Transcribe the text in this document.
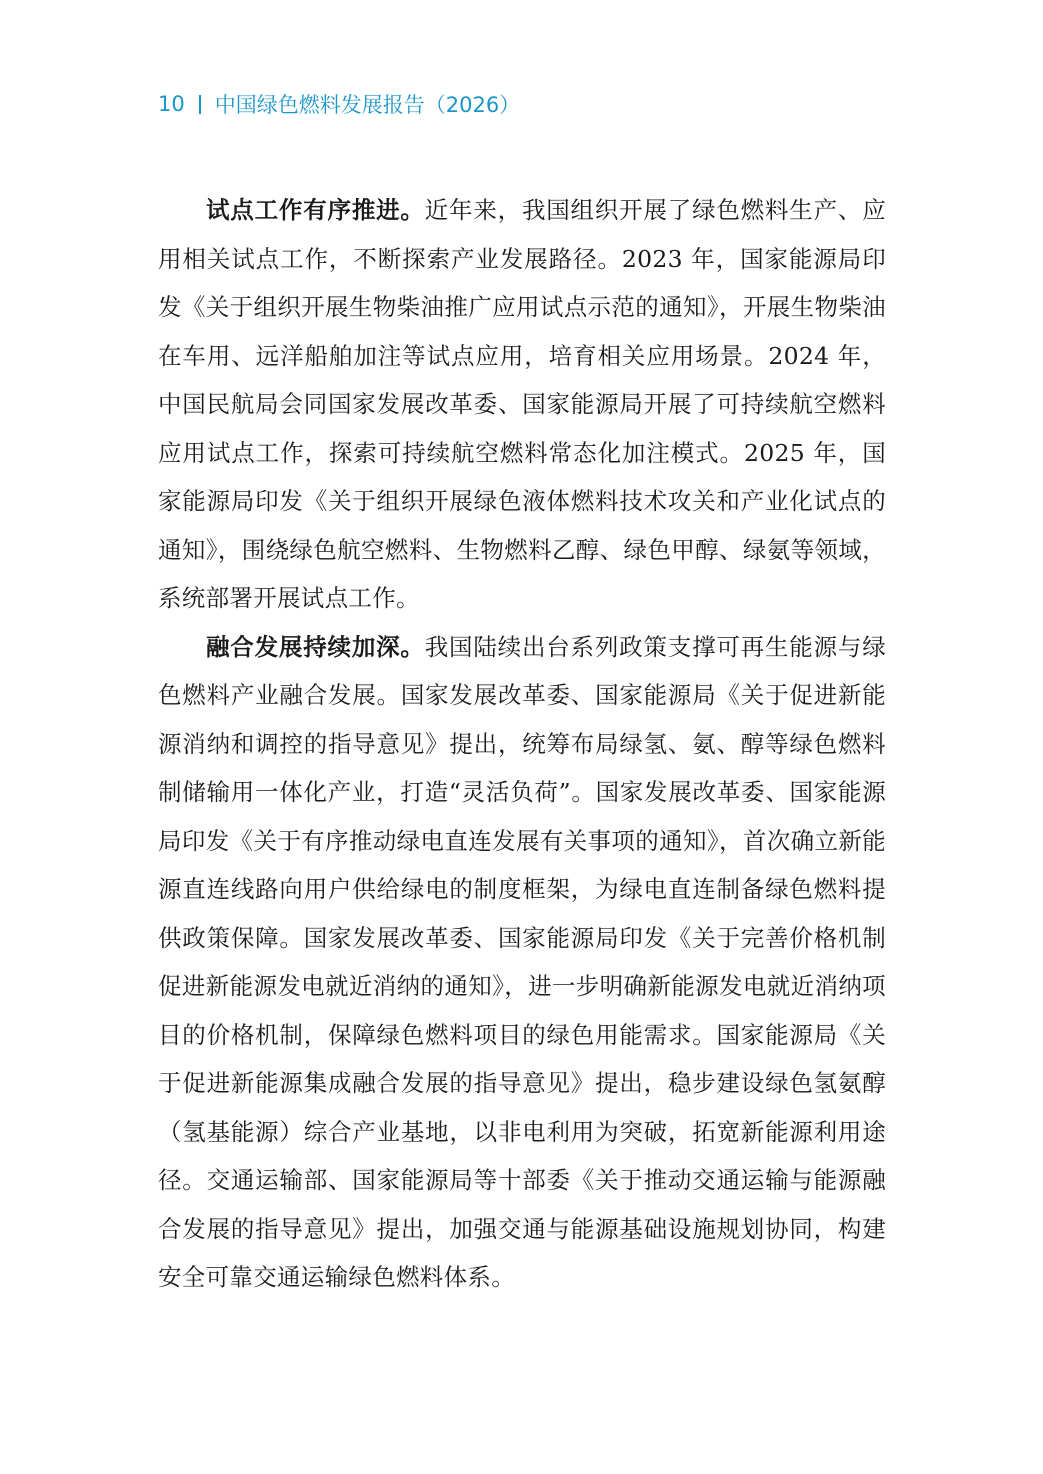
10 中国绿色燃料发展报告（2026）

试点工作有序推进。近年来，我国组织开展了绿色燃料生产、应用相关试点工作，不断探索产业发展路径。2023 年，国家能源局印发《关于组织开展生物柴油推广应用试点示范的通知》，开展生物柴油在车用、远洋船舶加注等试点应用，培育相关应用场景。2024 年，中国民航局会同国家发展改革委、国家能源局开展了可持续航空燃料应用试点工作，探索可持续航空燃料常态化加注模式。2025 年，国家能源局印发《关于组织开展绿色液体燃料技术攻关和产业化试点的通知》，围绕绿色航空燃料、生物燃料乙醇、绿色甲醇、绿氨等领域，系统部署开展试点工作。

融合发展持续加深。我国陆续出台系列政策支撑可再生能源与绿色燃料产业融合发展。国家发展改革委、国家能源局《关于促进新能源消纳和调控的指导意见》提出，统筹布局绿氢、氨、醇等绿色燃料制储输用一体化产业，打造“灵活负荷”。国家发展改革委、国家能源局印发《关于有序推动绿电直连发展有关事项的通知》，首次确立新能源直连线路向用户供给绿电的制度框架，为绿电直连制备绿色燃料提供政策保障。国家发展改革委、国家能源局印发《关于完善价格机制促进新能源发电就近消纳的通知》，进一步明确新能源发电就近消纳项目的价格机制，保障绿色燃料项目的绿色用能需求。国家能源局《关于促进新能源集成融合发展的指导意见》提出，稳步建设绿色氢氨醇（氢基能源）综合产业基地，以非电利用为突破，拓宽新能源利用途径。交通运输部、国家能源局等十部委《关于推动交通运输与能源融合发展的指导意见》提出，加强交通与能源基础设施规划协同，构建安全可靠交通运输绿色燃料体系。
